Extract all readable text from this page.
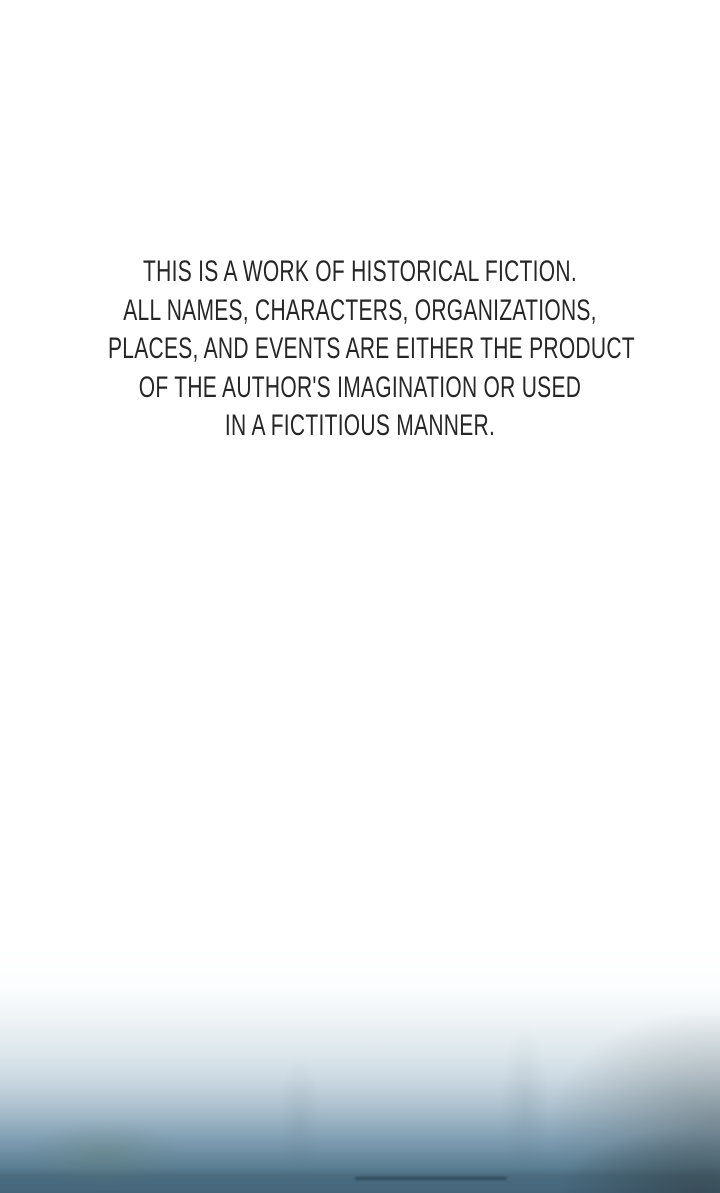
THIS IS A WORK OF HISTORICAL FICTION.
ALL NAMES, CHARACTERS, ORGANIZATIONS,
PLACES, AND EVENTS ARE EITHER THE PRODUCT
OF THE AUTHOR'S IMAGINATION OR USED
IN A FICTITIOUS MANNER.
